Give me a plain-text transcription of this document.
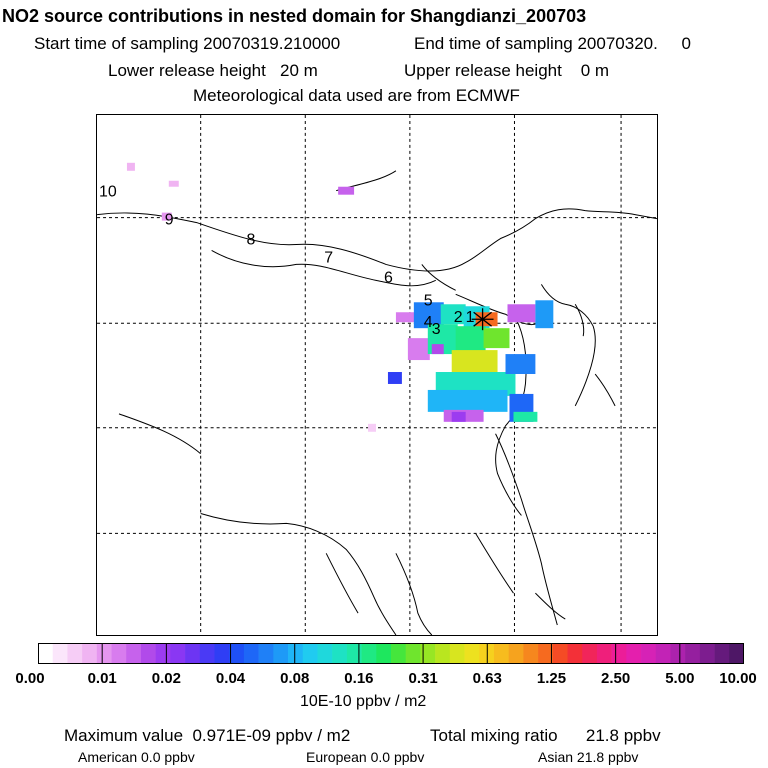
NO2 source contributions in nested domain for Shangdianzi_200703
Start time of sampling 20070319.210000	End time of sampling 20070320.     0
Lower release height   20 m	Upper release height    0 m
Meteorological data used are from ECMWF
10
9
8
7
6
5
4 3
2 1
0.00	0.01 0.02 0.04 0.08 0.16 0.31 0.63 1.25 2.50 5.00 10.00
10E-10 ppbv / m2
Maximum value  0.971E-09 ppbv / m2	Total mixing ratio      21.8 ppbv
American 0.0 ppbv	European 0.0 ppbv	Asian 21.8 ppbv
